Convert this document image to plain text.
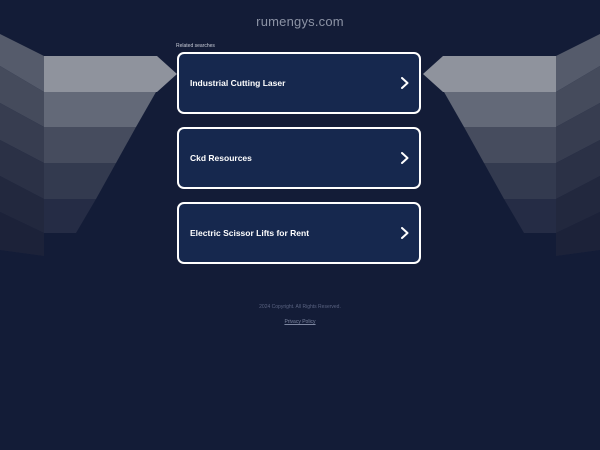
rumengys.com
Related searches
Industrial Cutting Laser
Ckd Resources
Electric Scissor Lifts for Rent
2024 Copyright. All Rights Reserved.
Privacy Policy
